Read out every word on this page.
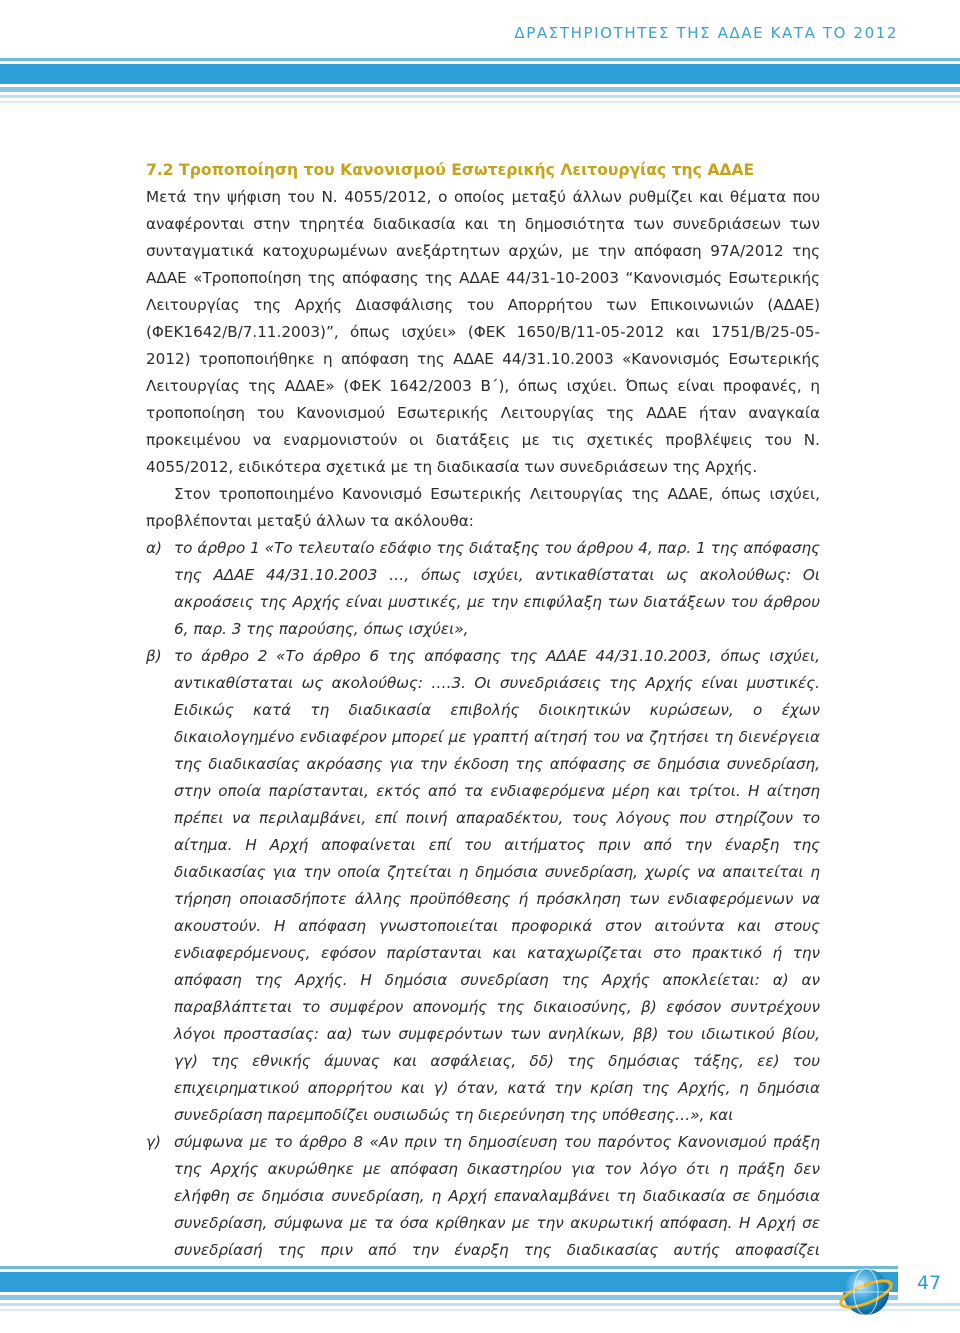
ΔΡΑΣΤΗΡΙΟΤΗΤΕΣ ΤΗΣ ΑΔΑΕ ΚΑΤΑ ΤΟ 2012
7.2 Τροποποίηση του Κανονισμού Εσωτερικής Λειτουργίας της ΑΔΑΕ

Μετά την ψήφιση του Ν. 4055/2012, ο οποίος μεταξύ άλλων ρυθμίζει και θέματα που αναφέρονται στην τηρητέα διαδικασία και τη δημοσιότητα των συνεδριάσεων των συνταγματικά κατοχυρωμένων ανεξάρτητων αρχών, με την απόφαση 97Α/2012 της ΑΔΑΕ «Τροποποίηση της απόφασης της ΑΔΑΕ 44/31-10-2003 “Κανονισμός Εσωτερικής Λειτουργίας της Αρχής Διασφάλισης του Απορρήτου των Επικοινωνιών (ΑΔΑΕ) (ΦΕΚ1642/Β/7.11.2003)”, όπως ισχύει» (ΦΕΚ 1650/Β/11-05-2012 και 1751/Β/25-05-2012) τροποποιήθηκε η απόφαση της ΑΔΑΕ 44/31.10.2003 «Κανονισμός Εσωτερικής Λειτουργίας της ΑΔΑΕ» (ΦΕΚ 1642/2003 Β΄), όπως ισχύει. Όπως είναι προφανές, η τροποποίηση του Κανονισμού Εσωτερικής Λειτουργίας της ΑΔΑΕ ήταν αναγκαία προκειμένου να εναρμονιστούν οι διατάξεις με τις σχετικές προβλέψεις του Ν. 4055/2012, ειδικότερα σχετικά με τη διαδικασία των συνεδριάσεων της Αρχής.

Στον τροποποιημένο Κανονισμό Εσωτερικής Λειτουργίας της ΑΔΑΕ, όπως ισχύει, προβλέπονται μεταξύ άλλων τα ακόλουθα:

α) το άρθρο 1 «Το τελευταίο εδάφιο της διάταξης του άρθρου 4, παρ. 1 της απόφασης της ΑΔΑΕ 44/31.10.2003 …, όπως ισχύει, αντικαθίσταται ως ακολούθως: Οι ακροάσεις της Αρχής είναι μυστικές, με την επιφύλαξη των διατάξεων του άρθρου 6, παρ. 3 της παρούσης, όπως ισχύει»,
β) το άρθρο 2 «Το άρθρο 6 της απόφασης της ΑΔΑΕ 44/31.10.2003, όπως ισχύει, αντικαθίσταται ως ακολούθως: ….3. Οι συνεδριάσεις της Αρχής είναι μυστικές. Ειδικώς κατά τη διαδικασία επιβολής διοικητικών κυρώσεων, ο έχων δικαιολογημένο ενδιαφέρον μπορεί με γραπτή αίτησή του να ζητήσει τη διενέργεια της διαδικασίας ακρόασης για την έκδοση της απόφασης σε δημόσια συνεδρίαση, στην οποία παρίστανται, εκτός από τα ενδιαφερόμενα μέρη και τρίτοι. Η αίτηση πρέπει να περιλαμβάνει, επί ποινή απαραδέκτου, τους λόγους που στηρίζουν το αίτημα. Η Αρχή αποφαίνεται επί του αιτήματος πριν από την έναρξη της διαδικασίας για την οποία ζητείται η δημόσια συνεδρίαση, χωρίς να απαιτείται η τήρηση οποιασδήποτε άλλης προϋπόθεσης ή πρόσκληση των ενδιαφερόμενων να ακουστούν. Η απόφαση γνωστοποιείται προφορικά στον αιτούντα και στους ενδιαφερόμενους, εφόσον παρίστανται και καταχωρίζεται στο πρακτικό ή την απόφαση της Αρχής. Η δημόσια συνεδρίαση της Αρχής αποκλείεται: α) αν παραβλάπτεται το συμφέρον απονομής της δικαιοσύνης, β) εφόσον συντρέχουν λόγοι προστασίας: αα) των συμφερόντων των ανηλίκων, ββ) του ιδιωτικού βίου, γγ) της εθνικής άμυνας και ασφάλειας, δδ) της δημόσιας τάξης, εε) του επιχειρηματικού απορρήτου και γ) όταν, κατά την κρίση της Αρχής, η δημόσια συνεδρίαση παρεμποδίζει ουσιωδώς τη διερεύνηση της υπόθεσης…», και
γ) σύμφωνα με το άρθρο 8 «Αν πριν τη δημοσίευση του παρόντος Κανονισμού πράξη της Αρχής ακυρώθηκε με απόφαση δικαστηρίου για τον λόγο ότι η πράξη δεν ελήφθη σε δημόσια συνεδρίαση, η Αρχή επαναλαμβάνει τη διαδικασία σε δημόσια συνεδρίαση, σύμφωνα με τα όσα κρίθηκαν με την ακυρωτική απόφαση. Η Αρχή σε συνεδρίασή της πριν από την έναρξη της διαδικασίας αυτής αποφασίζει
47
